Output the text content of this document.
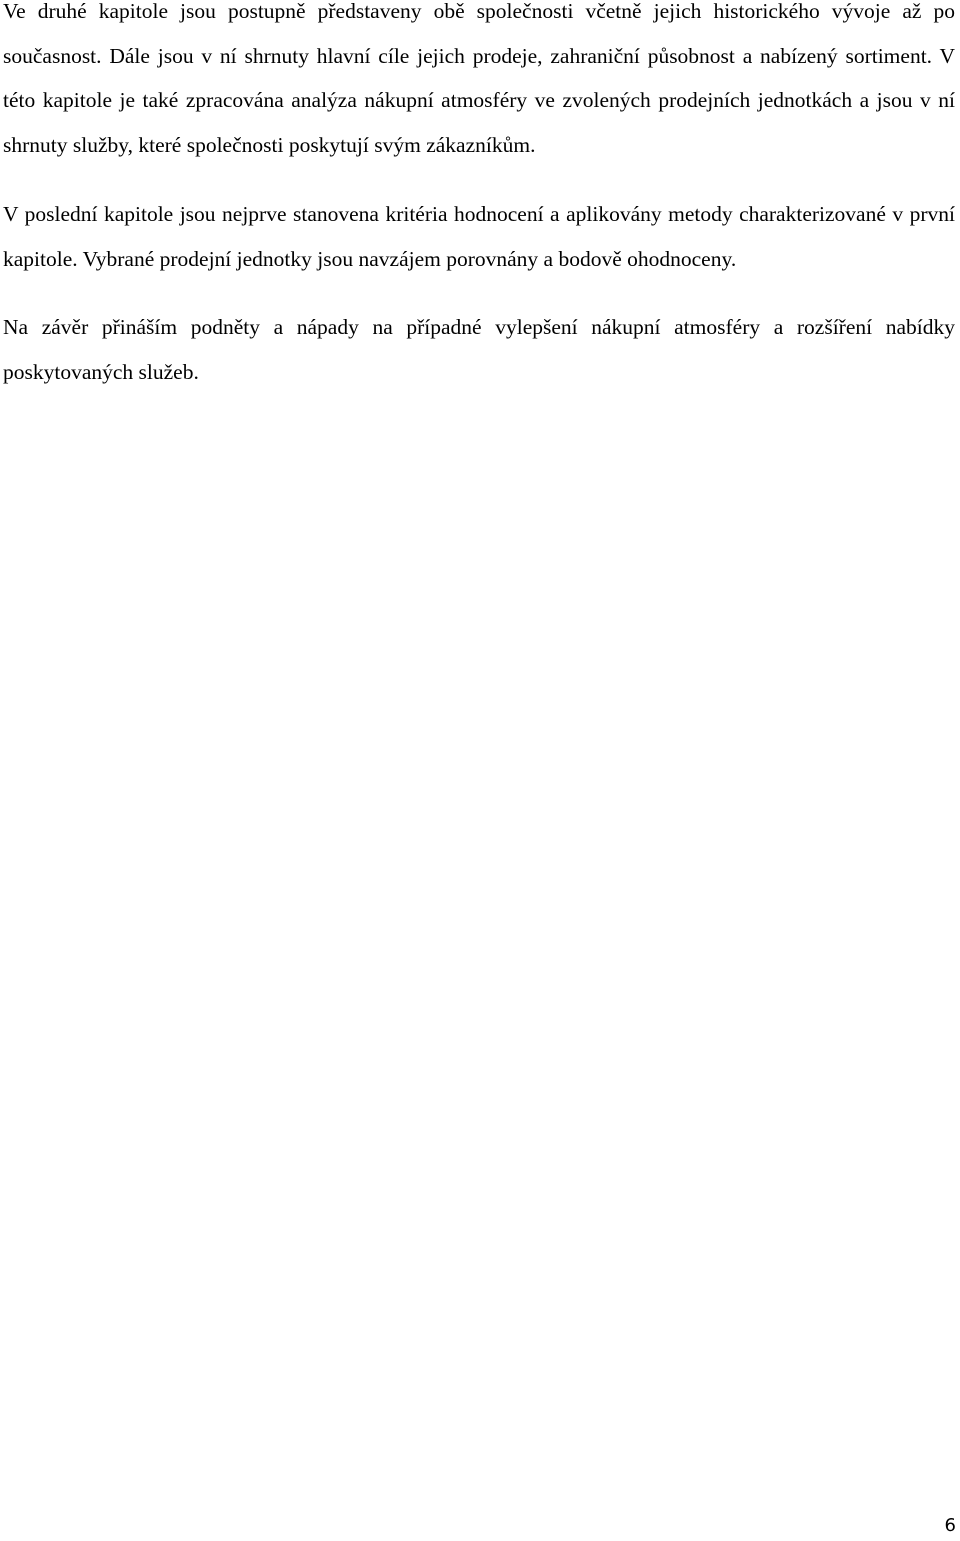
Ve druhé kapitole jsou postupně představeny obě společnosti včetně jejich historického vývoje až po současnost. Dále jsou v ní shrnuty hlavní cíle jejich prodeje, zahraniční působnost a nabízený sortiment. V této kapitole je také zpracována analýza nákupní atmosféry ve zvolených prodejních jednotkách a jsou v ní shrnuty služby, které společnosti poskytují svým zákazníkům.

V poslední kapitole jsou nejprve stanovena kritéria hodnocení a aplikovány metody charakterizované v první kapitole. Vybrané prodejní jednotky jsou navzájem porovnány a bodově ohodnoceny.

Na závěr přináším podněty a nápady na případné vylepšení nákupní atmosféry a rozšíření nabídky poskytovaných služeb.

6
